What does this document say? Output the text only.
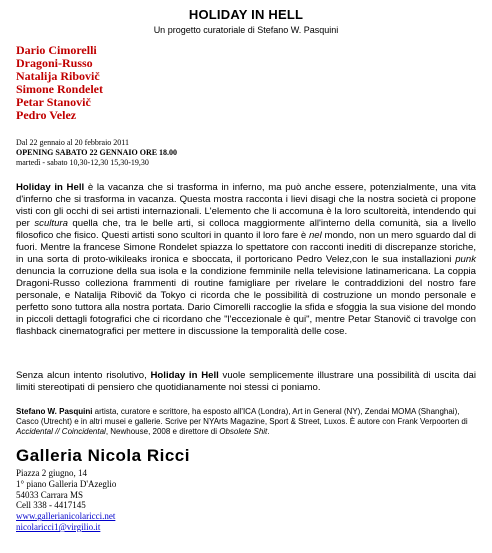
HOLIDAY IN HELL
Un progetto curatoriale di Stefano W. Pasquini
Dario Cimorelli
Dragoni-Russo
Natalija Ribovič
Simone Rondelet
Petar Stanovič
Pedro Velez
Dal 22 gennaio al 20 febbraio 2011
OPENING SABATO 22 GENNAIO ORE 18.00
martedì - sabato 10,30-12,30 15,30-19,30

Holiday in Hell è la vacanza che si trasforma in inferno, ma può anche essere, potenzialmente, una vita d'inferno che si trasforma in vacanza. Questa mostra racconta i lievi disagi che la nostra società ci propone visti con gli occhi di sei artisti internazionali. L'elemento che li accomuna è la loro scultoreità, intendendo qui per scultura quella che, tra le belle arti, si colloca maggiormente all'interno della comunità, sia a livello filosofico che fisico. Questi artisti sono scultori in quanto il loro fare è nel mondo, non un mero sguardo dal di fuori. Mentre la francese Simone Rondelet spiazza lo spettatore con racconti inediti di discrepanze storiche, in una sorta di proto-wikileaks ironica e sboccata, il portoricano Pedro Velez,con le sua installazioni punk denuncia la corruzione della sua isola e la condizione femminile nella televisione latinamericana. La coppia Dragoni-Russo colleziona frammenti di routine famigliare per rivelare le contraddizioni del nostro fare personale, e Natalija Ribovič da Tokyo ci ricorda che le possibilità di costruzione un mondo personale e perfetto sono tuttora alla nostra portata. Dario Cimorelli raccoglie la sfida e sfoggia la sua visione del mondo in piccoli dettagli fotografici che ci ricordano che "l'eccezionale è qui", mentre Petar Stanovič ci travolge con flashback cinematografici per mettere in discussione la temporalità delle cose.

Senza alcun intento risolutivo, Holiday in Hell vuole semplicemente illustrare una possibilità di uscita dai limiti stereotipati di pensiero che quotidianamente noi stessi ci poniamo.

Stefano W. Pasquini artista, curatore e scrittore, ha esposto all'ICA (Londra), Art in General (NY), Zendai MOMA (Shanghai), Casco (Utrecht) e in altri musei e gallerie. Scrive per NYArts Magazine, Sport & Street, Luxos. È autore con Frank Verpoorten di Accidental // Coincidental, Newhouse, 2008 e direttore di Obsolete Shit.

Galleria Nicola Ricci
Piazza 2 giugno, 14
1° piano Galleria D'Azeglio
54033 Carrara MS
Cell 338 - 4417145
www.gallerianicolaricci.net
nicolaricci1@virgilio.it
